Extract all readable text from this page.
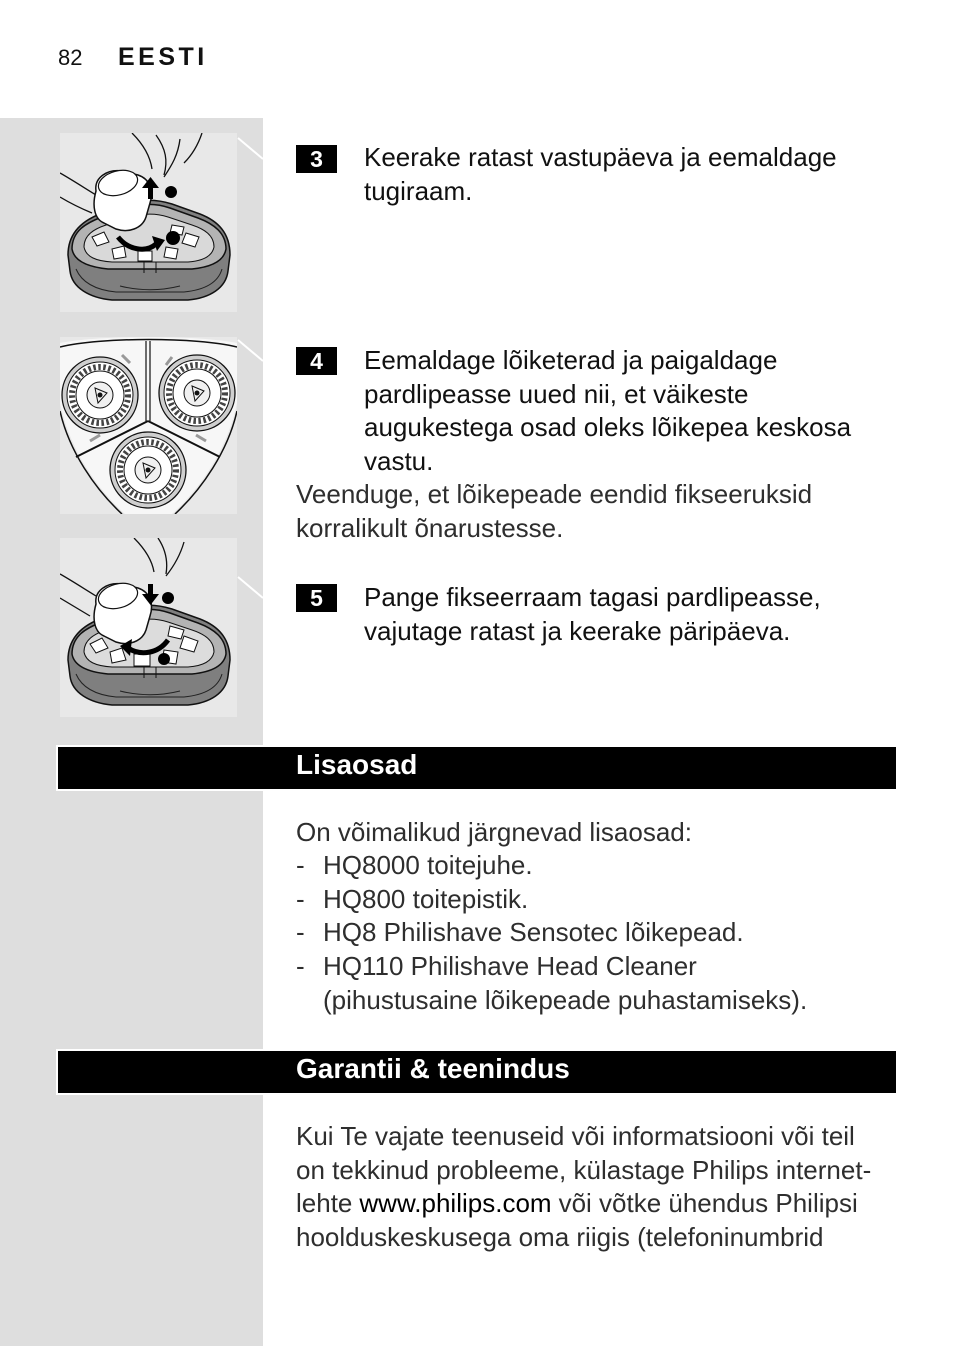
82 EESTI
3	Keerake ratast vastupäeva ja eemaldage
tugiraam.
4	Eemaldage lõiketerad ja paigaldage
pardlipeasse uued nii, et väikeste
augukestega osad oleks lõikepea keskosa
vastu.
Veenduge, et lõikepeade eendid fikseeruksid
korralikult õnarustesse.
5	Pange fikseerraam tagasi pardlipeasse,
vajutage ratast ja keerake päripäeva.
Lisaosad
On võimalikud järgnevad lisaosad:
- HQ8000 toitejuhe.
- HQ800 toitepistik.
- HQ8 Philishave Sensotec lõikepead.
- HQ110 Philishave Head Cleaner
(pihustusaine lõikepeade puhastamiseks).
Garantii & teenindus
Kui Te vajate teenuseid või informatsiooni või teil
on tekkinud probleeme, külastage Philips internet-
lehte www.philips.com või võtke ühendus Philipsi
hoolduskeskusega oma riigis (telefoninumbrid
